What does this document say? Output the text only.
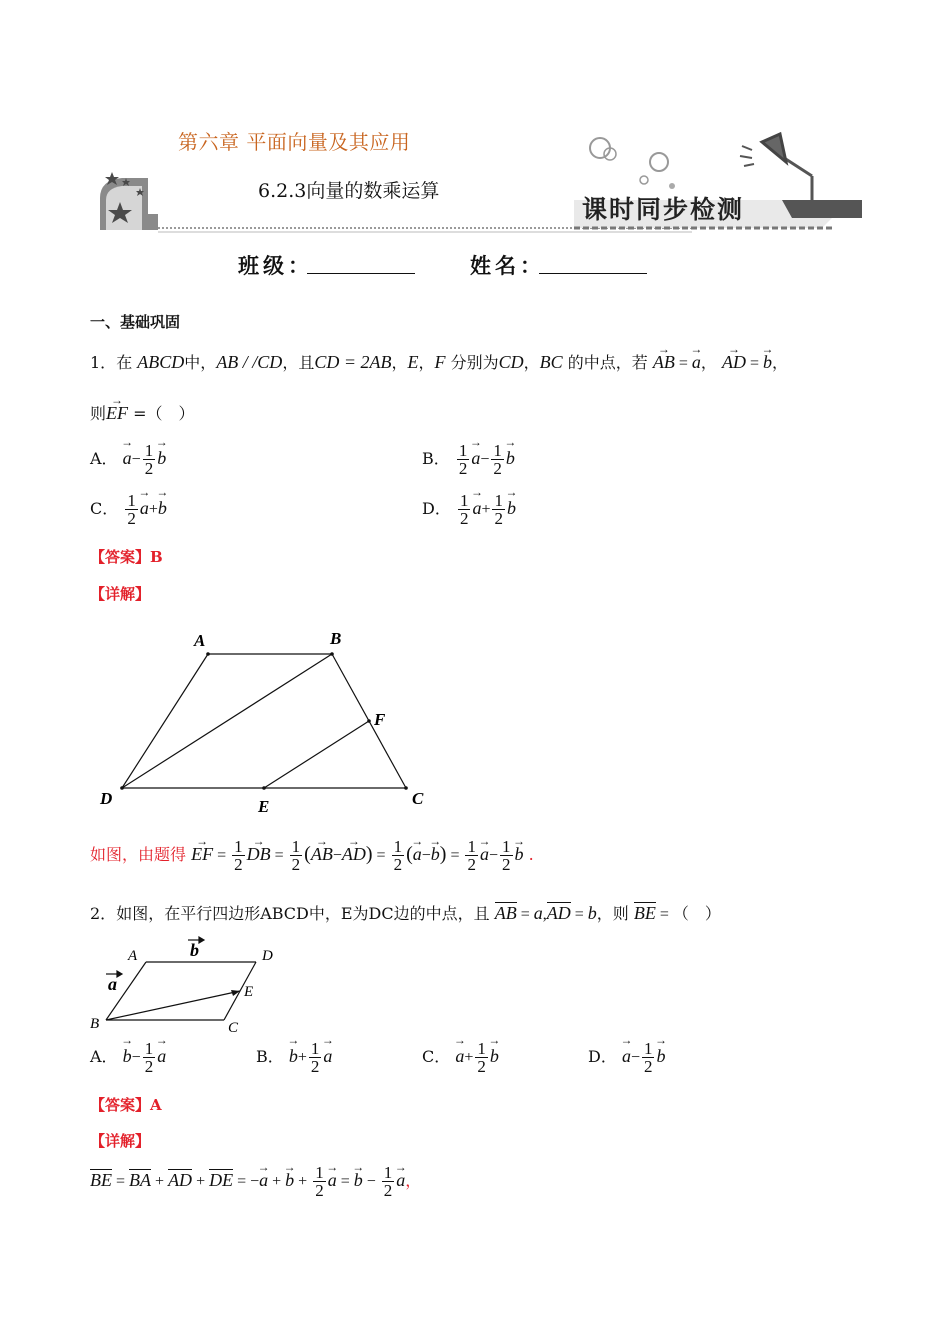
第六章 平面向量及其应用
6.2.3向量的数乘运算
课时同步检测
班级：	姓名：
一、基础巩固
1．在 ABCD中，AB / /CD，且CD = 2AB，E，F 分别为CD，BC 的中点，若 → AB = → a， → AD = → b，
则→ EF =（　）
A． → $a- \frac{1}{2}$
→ b	B． $\frac{1}{2}$
→ $a- \frac{1}{2}$
→ b
C． $\frac{1}{2}$
→ a+→ b	D． $\frac{1}{2}$
→ $a+ \frac{1}{2}$
→ b
【答案】B
【详解】
A	B
C
D	E
F
如图，由题得 → EF = $\frac{1}{2}$
→ DB = $\frac{1}{2}$ (→ $AB-\to AD) = \frac{1}{2}$ (→ $a-\to b) = \frac{1}{2}$
→ $a- \frac{1}{2}$
→ b .
2．如图，在平行四边形ABCD中，E为DC边的中点，且 AB = a,AD = b，则 BE = （　）
A	D
E
C
B
b
a
A． → $b- \frac{1}{2}$
→ a	B． → $b+ \frac{1}{2}$
→ a	C． → $a+ \frac{1}{2}$
→ b	D． → $a- \frac{1}{2}$
→ b
【答案】A
【详解】
BE = BA + AD + DE = −→ a + → $b + \frac{1}{2}$
→ a = → $b - \frac{1}{2}$
→ a，
